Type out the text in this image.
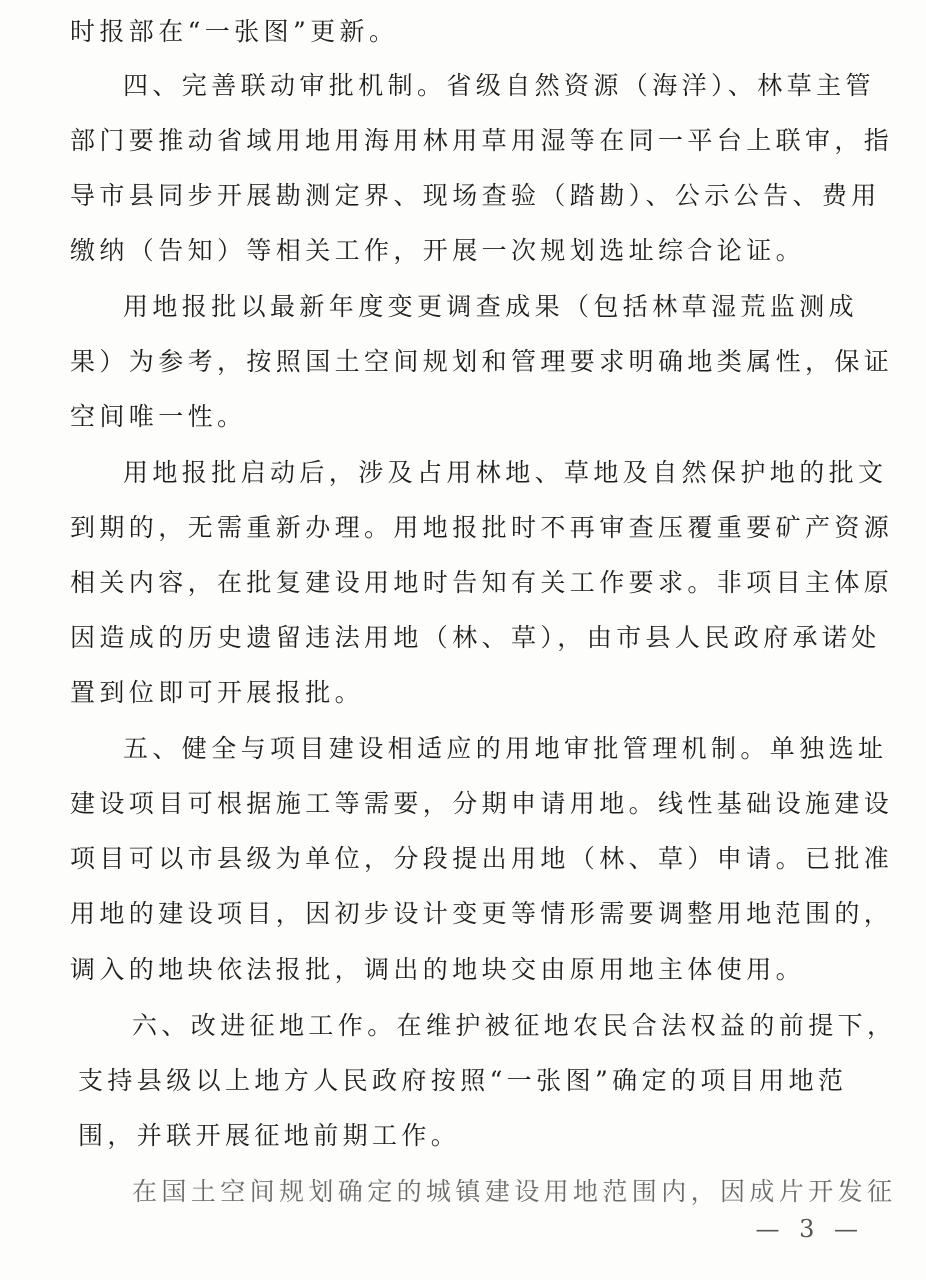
时报部在“一张图”更新。
四、完善联动审批机制。省级自然资源（海洋）、林草主管
部门要推动省域用地用海用林用草用湿等在同一平台上联审，指
导市县同步开展勘测定界、现场查验（踏勘）、公示公告、费用
缴纳（告知）等相关工作，开展一次规划选址综合论证。
用地报批以最新年度变更调查成果（包括林草湿荒监测成
果）为参考，按照国土空间规划和管理要求明确地类属性，保证
空间唯一性。
用地报批启动后，涉及占用林地、草地及自然保护地的批文
到期的，无需重新办理。用地报批时不再审查压覆重要矿产资源
相关内容，在批复建设用地时告知有关工作要求。非项目主体原
因造成的历史遗留违法用地（林、草），由市县人民政府承诺处
置到位即可开展报批。
五、健全与项目建设相适应的用地审批管理机制。单独选址
建设项目可根据施工等需要，分期申请用地。线性基础设施建设
项目可以市县级为单位，分段提出用地（林、草）申请。已批准
用地的建设项目，因初步设计变更等情形需要调整用地范围的，
调入的地块依法报批，调出的地块交由原用地主体使用。
六、改进征地工作。在维护被征地农民合法权益的前提下，
支持县级以上地方人民政府按照“一张图”确定的项目用地范
围，并联开展征地前期工作。
在国土空间规划确定的城镇建设用地范围内，因成片开发征
— 3 —
